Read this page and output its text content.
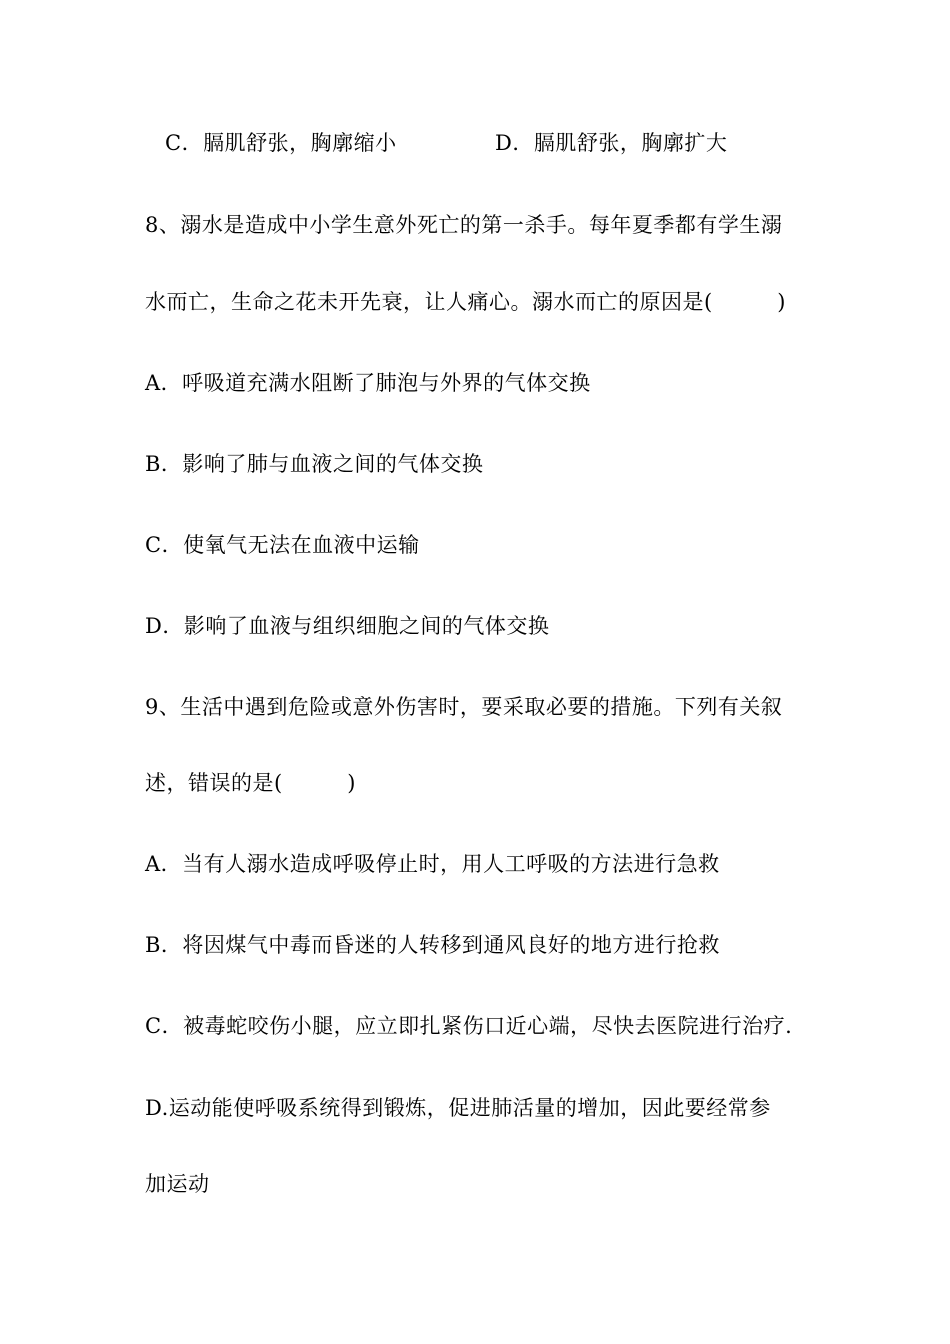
C．膈肌舒张，胸廓缩小	D．膈肌舒张，胸廓扩大
8、溺水是造成中小学生意外死亡的第一杀手。每年夏季都有学生溺
水而亡，生命之花未开先衰，让人痛心。溺水而亡的原因是(　　　)
A．呼吸道充满水阻断了肺泡与外界的气体交换
B．影响了肺与血液之间的气体交换
C．使氧气无法在血液中运输
D．影响了血液与组织细胞之间的气体交换
9、生活中遇到危险或意外伤害时，要采取必要的措施。下列有关叙
述，错误的是(　　　)
A．当有人溺水造成呼吸停止时，用人工呼吸的方法进行急救
B．将因煤气中毒而昏迷的人转移到通风良好的地方进行抢救
C．被毒蛇咬伤小腿，应立即扎紧伤口近心端，尽快去医院进行治疗.
D.运动能使呼吸系统得到锻炼，促进肺活量的增加，因此要经常参
加运动
